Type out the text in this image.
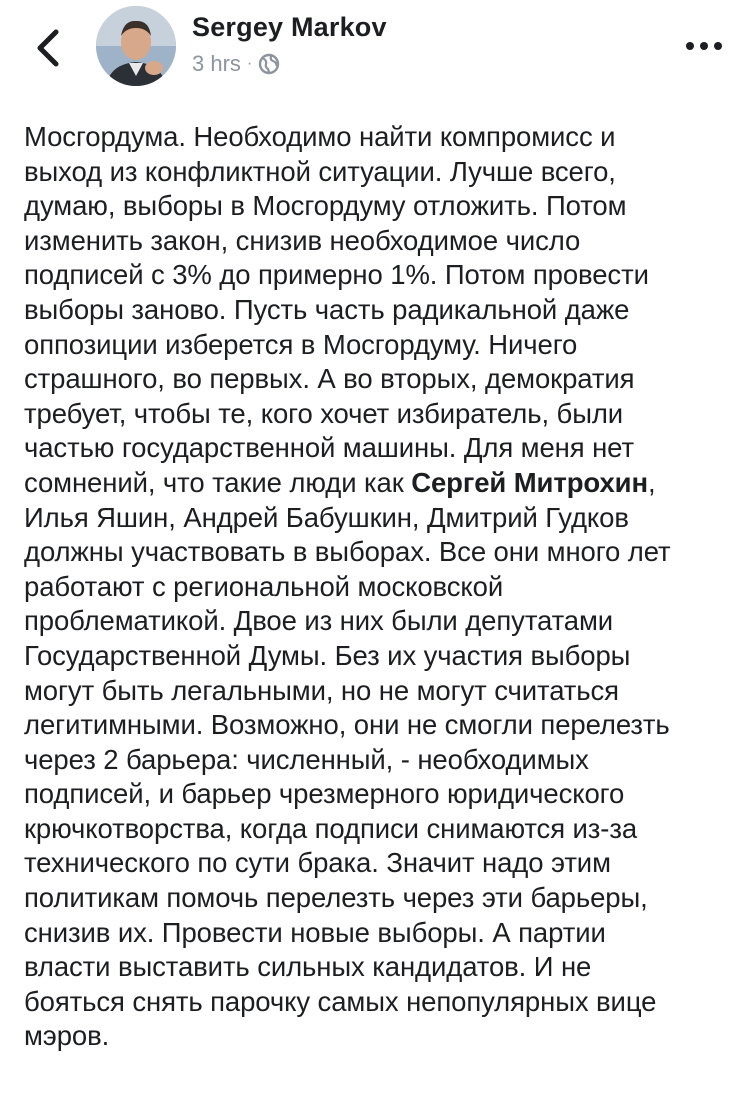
Sergey Markov
3 hrs ·
Мосгордума. Необходимо найти компромисс и
выход из конфликтной ситуации. Лучше всего,
думаю, выборы в Мосгордуму отложить. Потом
изменить закон, снизив необходимое число
подписей с 3% до примерно 1%. Потом провести
выборы заново. Пусть часть радикальной даже
оппозиции изберется в Мосгордуму. Ничего
страшного, во первых. А во вторых, демократия
требует, чтобы те, кого хочет избиратель, были
частью государственной машины. Для меня нет
сомнений, что такие люди как Сергей Митрохин,
Илья Яшин, Андрей Бабушкин, Дмитрий Гудков
должны участвовать в выборах. Все они много лет
работают с региональной московской
проблематикой. Двое из них были депутатами
Государственной Думы. Без их участия выборы
могут быть легальными, но не могут считаться
легитимными. Возможно, они не смогли перелезть
через 2 барьера: численный, - необходимых
подписей, и барьер чрезмерного юридического
крючкотворства, когда подписи снимаются из-за
технического по сути брака. Значит надо этим
политикам помочь перелезть через эти барьеры,
снизив их. Провести новые выборы. А партии
власти выставить сильных кандидатов. И не
бояться снять парочку самых непопулярных вице
мэров.
